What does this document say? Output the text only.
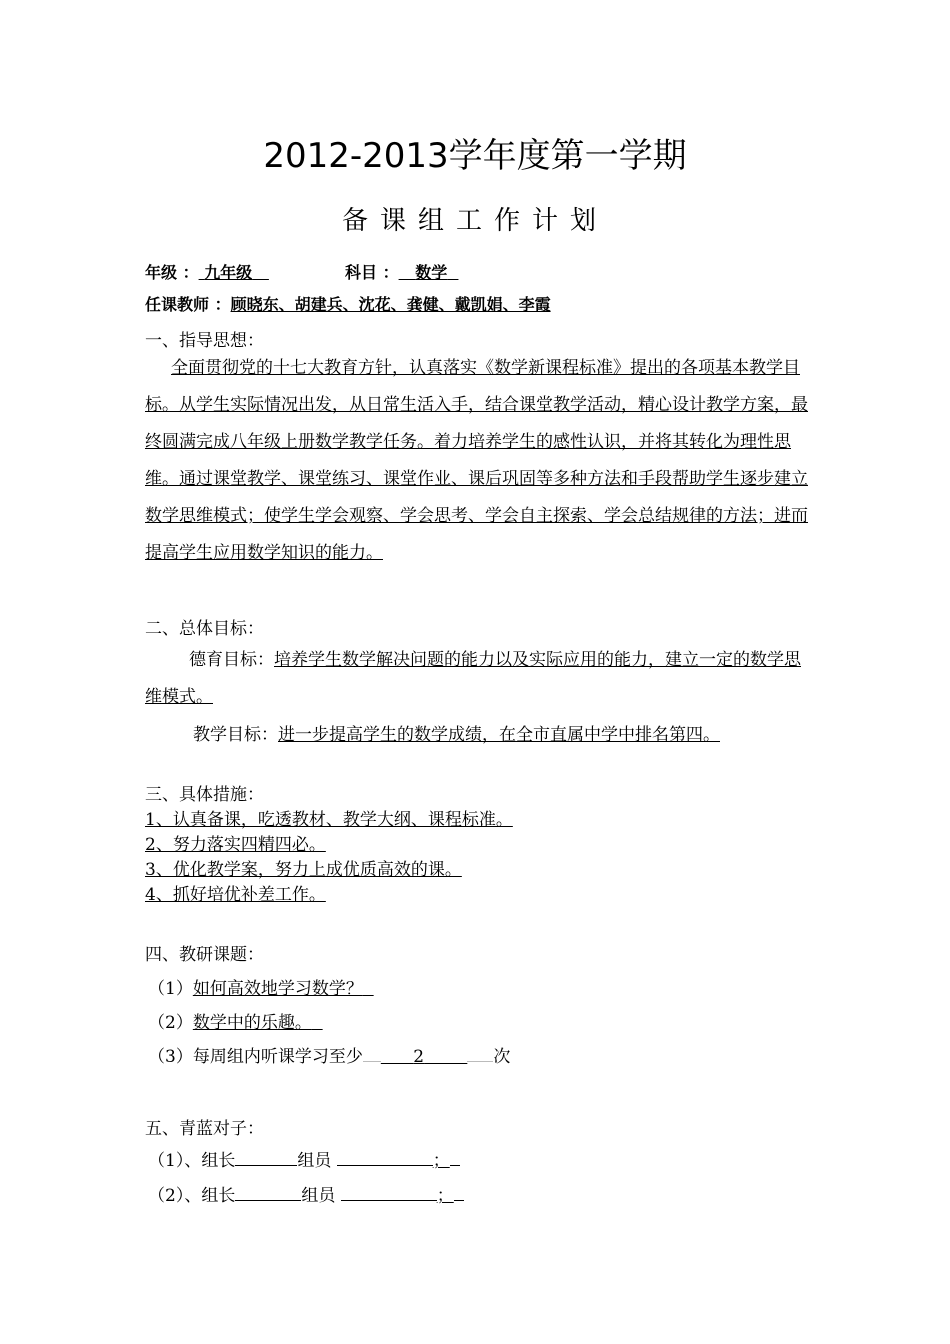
2012-2013学年度第一学期
备课组工作计划
年级 ： 九年级	科目 ： 数学
任课教师 ：顾晓东、胡建兵、沈花、龚健、戴凯娟、李霞
一、指导思想：
全面贯彻党的十七大教育方针，认真落实《数学新课程标准》提出的各项基本教学目标。从学生实际情况出发，从日常生活入手，结合课堂教学活动，精心设计教学方案，最终圆满完成八年级上册数学教学任务。着力培养学生的感性认识，并将其转化为理性思维。通过课堂教学、课堂练习、课堂作业、课后巩固等多种方法和手段帮助学生逐步建立数学思维模式；使学生学会观察、学会思考、学会自主探索、学会总结规律的方法；进而提高学生应用数学知识的能力。
二、总体目标：
德育目标：培养学生数学解决问题的能力以及实际应用的能力，建立一定的数学思维模式。
教学目标：进一步提高学生的数学成绩，在全市直属中学中排名第四。
三、具体措施：
1、认真备课，吃透教材、教学大纲、课程标准。
2、努力落实四精四必。
3、优化教学案，努力上成优质高效的课。
4、抓好培优补差工作。
四、教研课题：
（1）如何高效地学习数学？
（2）数学中的乐趣。
（3）每周组内听课学习至少	2	次
五、青蓝对子：
（1）、组长	组员	；
（2）、组长	组员	；
